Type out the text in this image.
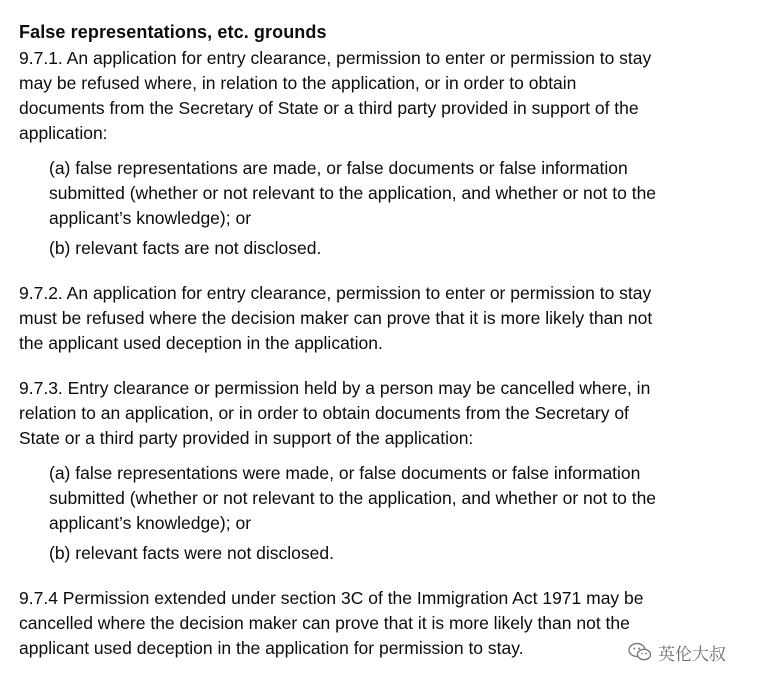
False representations, etc. grounds

9.7.1. An application for entry clearance, permission to enter or permission to stay may be refused where, in relation to the application, or in order to obtain documents from the Secretary of State or a third party provided in support of the application:

(a) false representations are made, or false documents or false information submitted (whether or not relevant to the application, and whether or not to the applicant’s knowledge); or

(b) relevant facts are not disclosed.

9.7.2. An application for entry clearance, permission to enter or permission to stay must be refused where the decision maker can prove that it is more likely than not the applicant used deception in the application.

9.7.3. Entry clearance or permission held by a person may be cancelled where, in relation to an application, or in order to obtain documents from the Secretary of State or a third party provided in support of the application:

(a) false representations were made, or false documents or false information submitted (whether or not relevant to the application, and whether or not to the applicant’s knowledge); or

(b) relevant facts were not disclosed.

9.7.4 Permission extended under section 3C of the Immigration Act 1971 may be cancelled where the decision maker can prove that it is more likely than not the applicant used deception in the application for permission to stay.	英伦大叔
